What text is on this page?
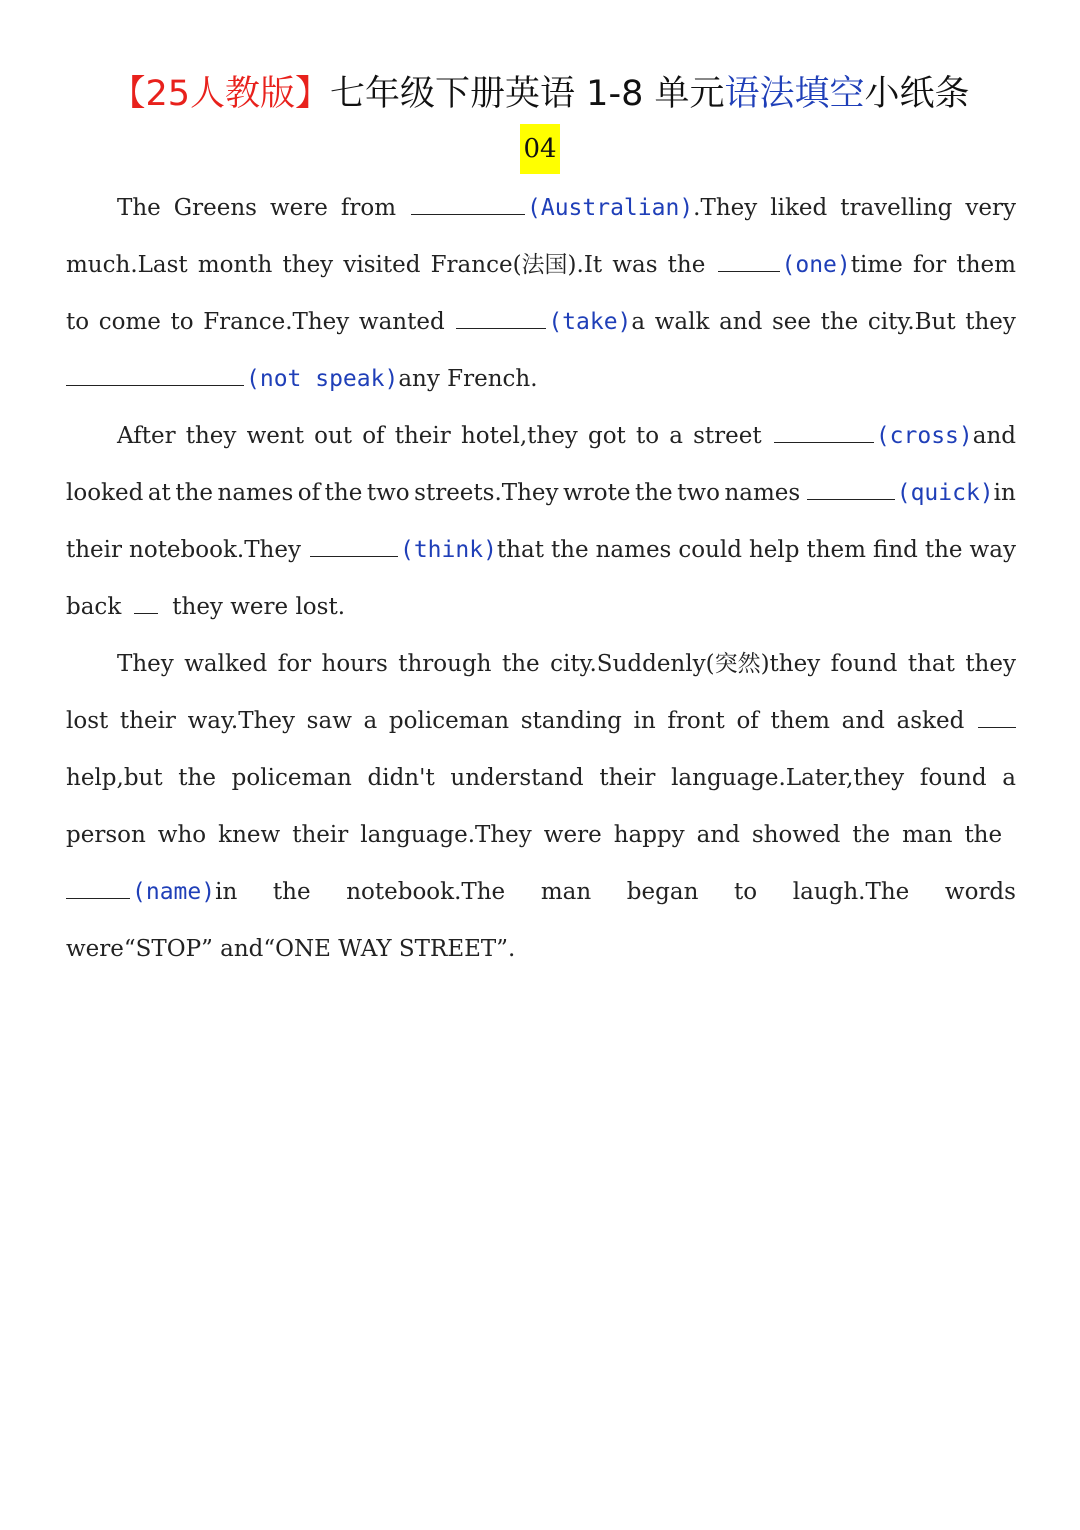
【25人教版】七年级下册英语 1-8 单元语法填空小纸条
04
The Greens were from	(Australian).They liked travelling very
much.Last month they visited France(法国).It was the	(one)time for them
to come to France.They wanted	(take)a walk and see the city.But they
(not speak) any French.
After they went out of their hotel,they got to a street	(cross)and
looked at the names of the two streets.They wrote the two names	(quick)in
their notebook.They	(think)that the names could help them find the way
back they were lost.
They walked for hours through the city.Suddenly(突然)they found that they
lost their way.They saw a policeman standing in front of them and asked
help,but the policeman didn't understand their language.Later,they found a
person who knew their language.They were happy and showed the man the
(name)in the notebook.The man began to laugh.The words
were“STOP” and“ONE WAY STREET”.
